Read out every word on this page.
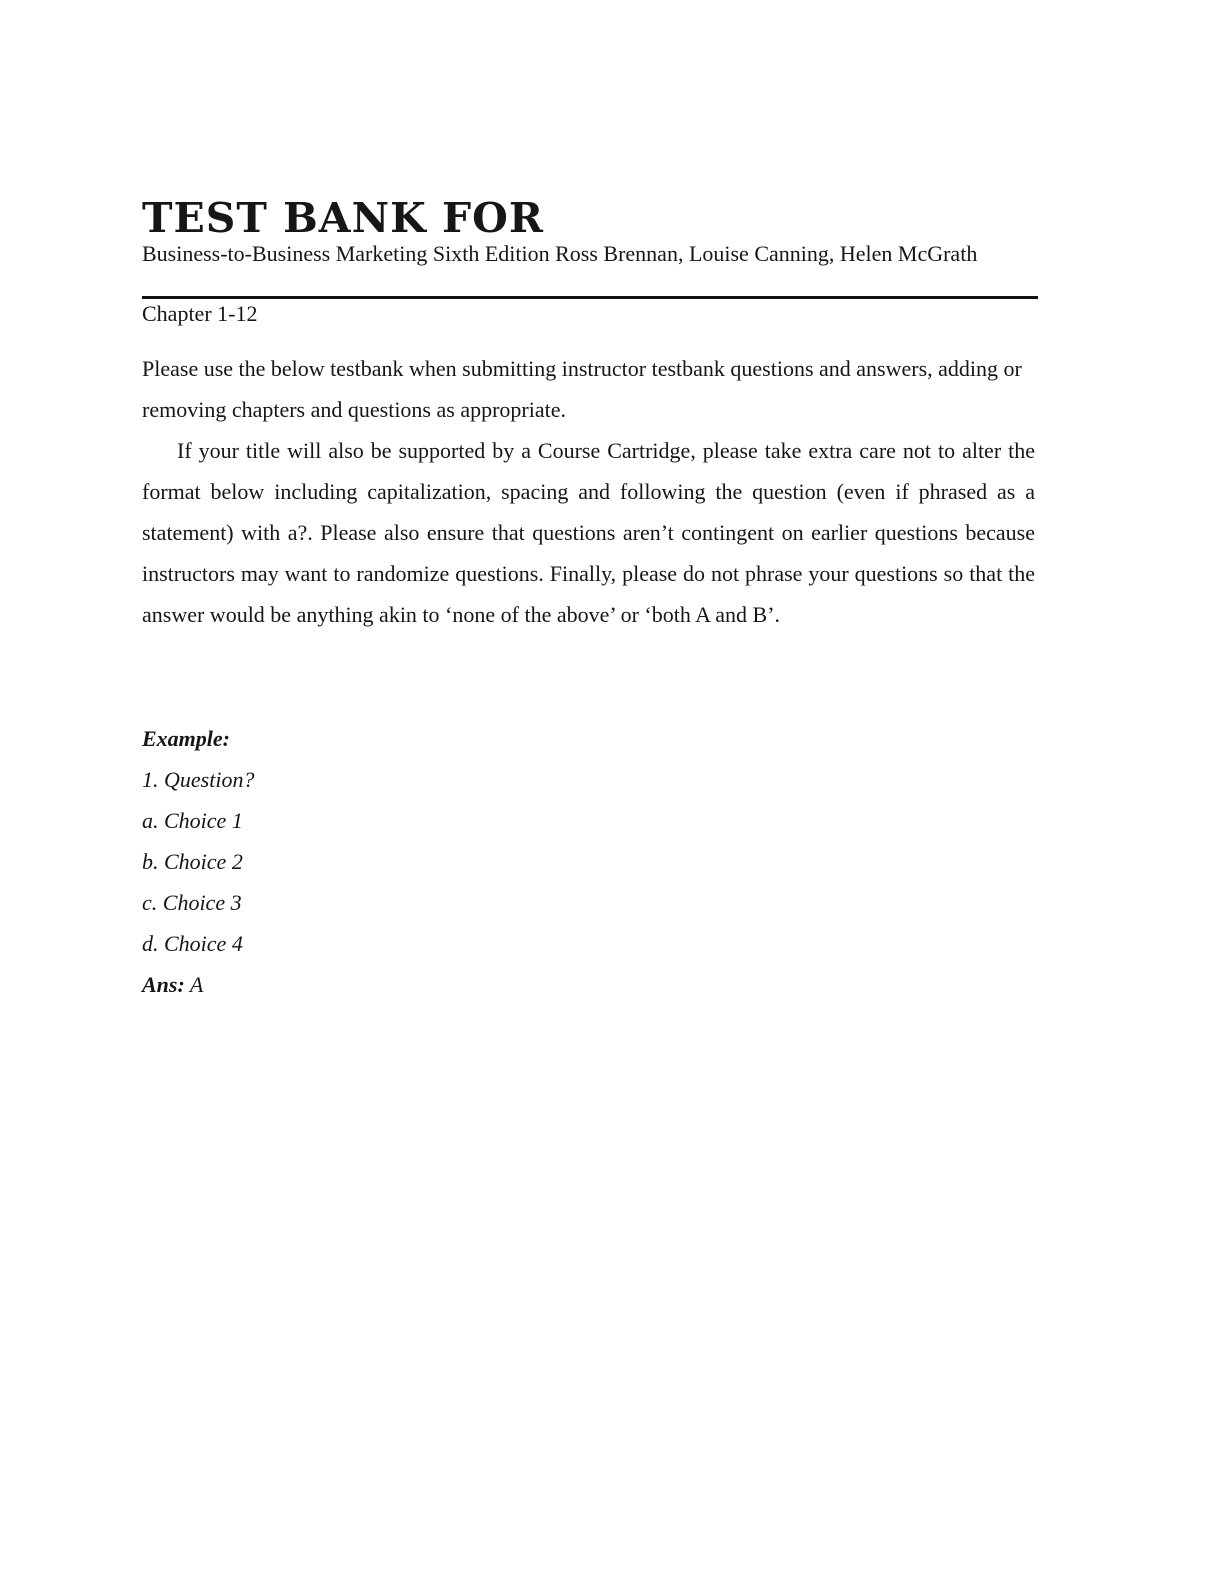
TEST BANK FOR
Business-to-Business Marketing Sixth Edition Ross Brennan, Louise Canning, Helen McGrath
Chapter 1-12

Please use the below testbank when submitting instructor testbank questions and answers, adding or removing chapters and questions as appropriate.

If your title will also be supported by a Course Cartridge, please take extra care not to alter the format below including capitalization, spacing and following the question (even if phrased as a statement) with a?. Please also ensure that questions aren’t contingent on earlier questions because instructors may want to randomize questions. Finally, please do not phrase your questions so that the answer would be anything akin to ‘none of the above’ or ‘both A and B’.

Example:
1. Question?
a. Choice 1
b. Choice 2
c. Choice 3
d. Choice 4
Ans: A
